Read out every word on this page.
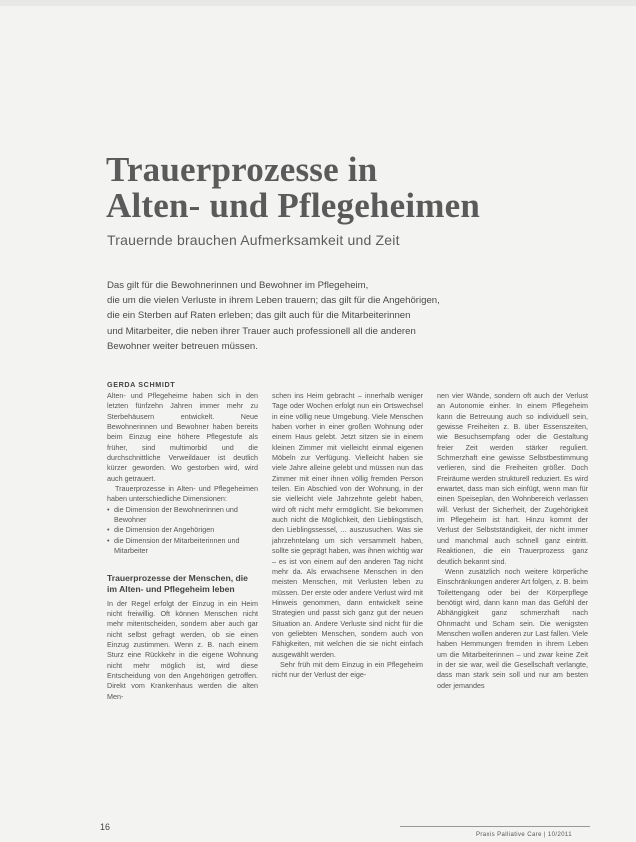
Trauerprozesse in
Alten- und Pflegeheimen
Trauernde brauchen Aufmerksamkeit und Zeit
Das gilt für die Bewohnerinnen und Bewohner im Pflegeheim,
die um die vielen Verluste in ihrem Leben trauern; das gilt für die Angehörigen,
die ein Sterben auf Raten erleben; das gilt auch für die Mitarbeiterinnen
und Mitarbeiter, die neben ihrer Trauer auch professionell all die anderen
Bewohner weiter betreuen müssen.
GERDA SCHMIDT

Alten- und Pflegeheime haben sich in den letzten fünfzehn Jahren immer mehr zu Sterbehäusern entwickelt. Neue Bewohnerinnen und Bewohner haben bereits beim Einzug eine höhere Pflegestufe als früher, sind multimorbid und die durchschnittliche Verweildauer ist deutlich kürzer geworden. Wo gestorben wird, wird auch getrauert.

Trauerprozesse in Alten- und Pflegeheimen haben unterschiedliche Dimensionen:

• die Dimension der Bewohnerinnen und Bewohner
• die Dimension der Angehörigen
• die Dimension der Mitarbeiterinnen und Mitarbeiter
Trauerprozesse der Menschen, die im Alten- und Pflegeheim leben

In der Regel erfolgt der Einzug in ein Heim nicht freiwillig. Oft können Menschen nicht mehr mitentscheiden, sondern aber auch gar nicht selbst gefragt werden, ob sie einen Einzug zustimmen. Wenn z. B. nach einem Sturz eine Rückkehr in die eigene Wohnung nicht mehr möglich ist, wird diese Entscheidung von den Angehörigen getroffen. Direkt vom Krankenhaus werden die alten Men-

schen ins Heim gebracht – innerhalb weniger Tage oder Wochen erfolgt nun ein Ortswechsel in eine völlig neue Umgebung. Viele Menschen haben vorher in einer großen Wohnung oder einem Haus gelebt. Jetzt sitzen sie in einem kleinen Zimmer mit vielleicht einmal eigenen Möbeln zur Verfügung. Vielleicht haben sie viele Jahre alleine gelebt und müssen nun das Zimmer mit einer ihnen völlig fremden Person teilen. Ein Abschied von der Wohnung, in der sie vielleicht viele Jahrzehnte gelebt haben, wird oft nicht mehr ermöglicht. Sie bekommen auch nicht die Möglichkeit, den Lieblingstisch, den Lieblingssessel, ... auszusuchen. Was sie jahrzehntelang um sich versammelt haben, sollte sie geprägt haben, was ihnen wichtig war – es ist von einem auf den anderen Tag nicht mehr da. Als erwachsene Menschen in den meisten Menschen, mit Verlusten leben zu müssen. Der erste oder andere Verlust wird mit Hinweis genommen, dann entwickelt seine Strategien und passt sich ganz gut der neuen Situation an. Andere Verluste sind nicht für die von geliebten Menschen, sondern auch von Fähigkeiten, mit welchen die sie nicht einfach ausgewählt werden.

Sehr früh mit dem Einzug in ein Pflegeheim nicht nur der Verlust der eige-

nen vier Wände, sondern oft auch der Verlust an Autonomie einher. In einem Pflegeheim kann die Betreuung auch so individuell sein, gewisse Freiheiten z. B. über Essenszeiten, wie Besuchsempfang oder die Gestaltung freier Zeit werden stärker reguliert. Schmerzhaft eine gewisse Selbstbestimmung verlieren, sind die Freiheiten größer. Doch Freiräume werden strukturell reduziert. Es wird erwartet, dass man sich einfügt, wenn man für einen Speiseplan, den Wohnbereich verlassen will. Verlust der Sicherheit, der Zugehörigkeit im Pflegeheim ist hart. Hinzu kommt der Verlust der Selbstständigkeit, der nicht immer und manchmal auch schnell ganz eintritt. Reaktionen, die ein Trauerprozess ganz deutlich bekannt sind.

Wenn zusätzlich noch weitere körperliche Einschränkungen anderer Art folgen, z. B. beim Toilettengang oder bei der Körperpflege benötigt wird, dann kann man das Gefühl der Abhängigkeit ganz schmerzhaft nach Ohnmacht und Scham sein. Die wenigsten Menschen wollen anderen zur Last fallen. Viele haben Hemmungen fremden in ihrem Leben um die Mitarbeiterinnen – und zwar keine Zeit in der sie war, weil die Gesellschaft verlangte, dass man stark sein soll und nur am besten oder jemandes

16
Praxis Palliative Care | 10/2011
